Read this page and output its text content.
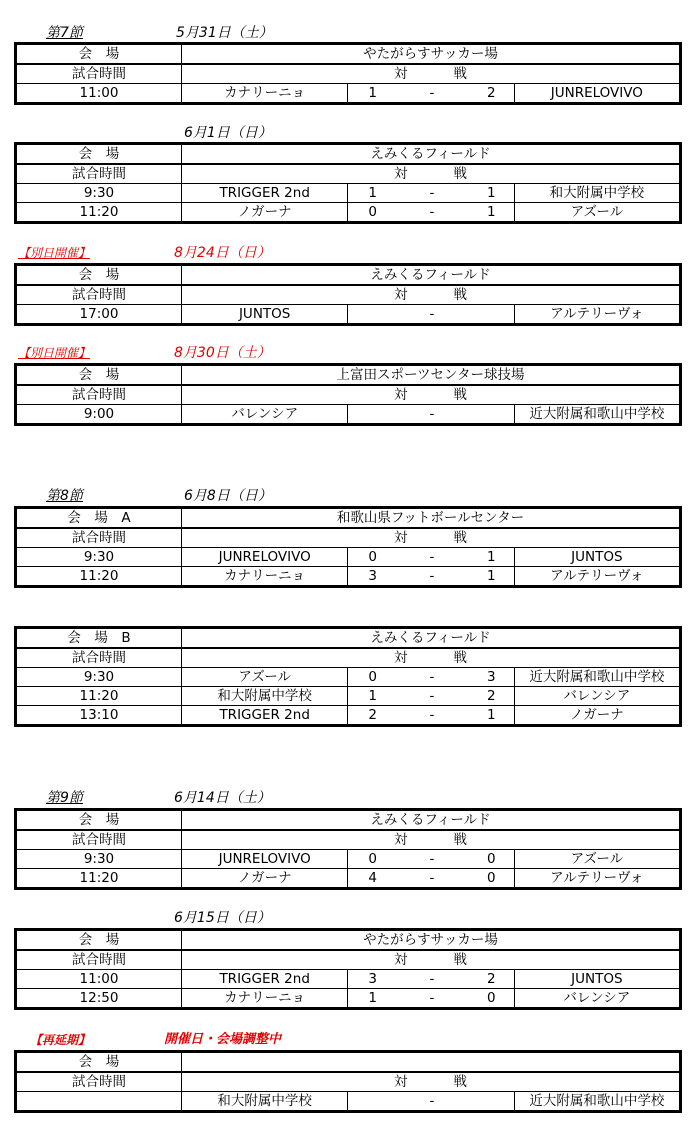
第7節	5月31日（土）
会　場	やたがらすサッカー場		
試合時間	対 戦		

11:00	カナリーニョ	1 - 2	JUNRELOVIVO
6月1日（日）
会　場	えみくるフィールド		
試合時間	対 戦		

9:30	TRIGGER 2nd	1 - 1	和大附属中学校
11:20	ノガーナ	0 - 1	アズール
【別日開催】	8月24日（日）
会　場	えみくるフィールド		
試合時間	対 戦		

17:00	JUNTOS	-	アルテリーヴォ
【別日開催】	8月30日（土）
会　場	上富田スポーツセンター球技場		
試合時間	対 戦		

9:00	バレンシア	-	近大附属和歌山中学校
第8節	6月8日（日）
会　場　A	和歌山県フットボールセンター		
試合時間	対 戦		

9:30	JUNRELOVIVO	0 - 1	JUNTOS
11:20	カナリーニョ	3 - 1	アルテリーヴォ
会　場　B	えみくるフィールド		
試合時間	対 戦		

9:30	アズール	0 - 3	近大附属和歌山中学校
11:20	和大附属中学校	1 - 2	バレンシア
13:10	TRIGGER 2nd	2 - 1	ノガーナ
第9節	6月14日（土）
会　場	えみくるフィールド		
試合時間	対 戦		

9:30	JUNRELOVIVO	0 - 0	アズール
11:20	ノガーナ	4 - 0	アルテリーヴォ
6月15日（日）
会　場	やたがらすサッカー場		
試合時間	対 戦		

11:00	TRIGGER 2nd	3 - 2	JUNTOS
12:50	カナリーニョ	1 - 0	バレンシア
【再延期】	開催日・会場調整中
会　場			
試合時間	対 戦		

	和大附属中学校	-	近大附属和歌山中学校
